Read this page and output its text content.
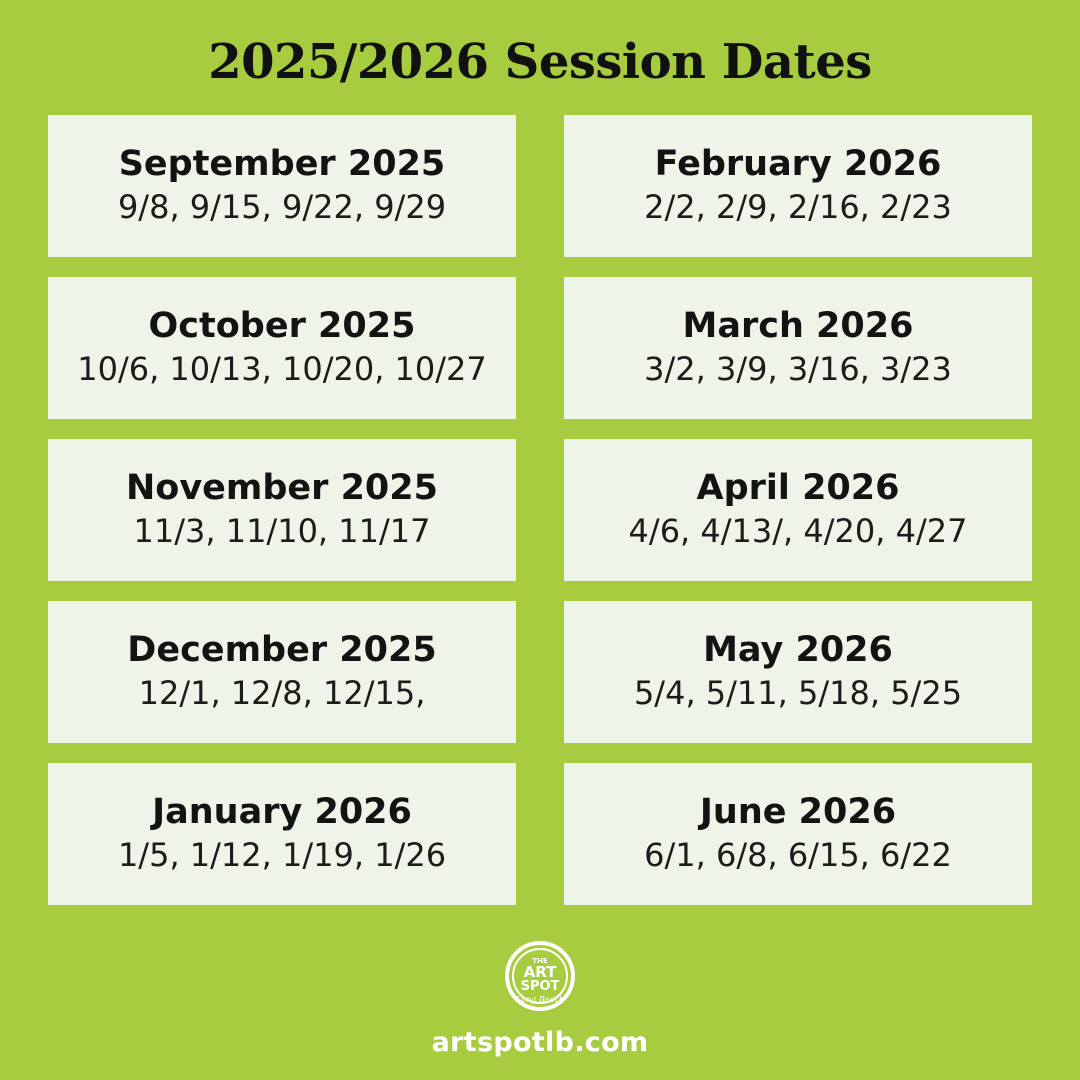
2025/2026 Session Dates
September 2025
9/8, 9/15, 9/22, 9/29
February 2026
2/2, 2/9, 2/16, 2/23
October 2025
10/6, 10/13, 10/20, 10/27
March 2026
3/2, 3/9, 3/16, 3/23
November 2025
11/3, 11/10, 11/17
April 2026
4/6, 4/13/, 4/20, 4/27
December 2025
12/1, 12/8, 12/15,
May 2026
5/4, 5/11, 5/18, 5/25
January 2026
1/5, 1/12, 1/19, 1/26
June 2026
6/1, 6/8, 6/15, 6/22
THE
ART
SPOT
Long Beach
artspotlb.com
